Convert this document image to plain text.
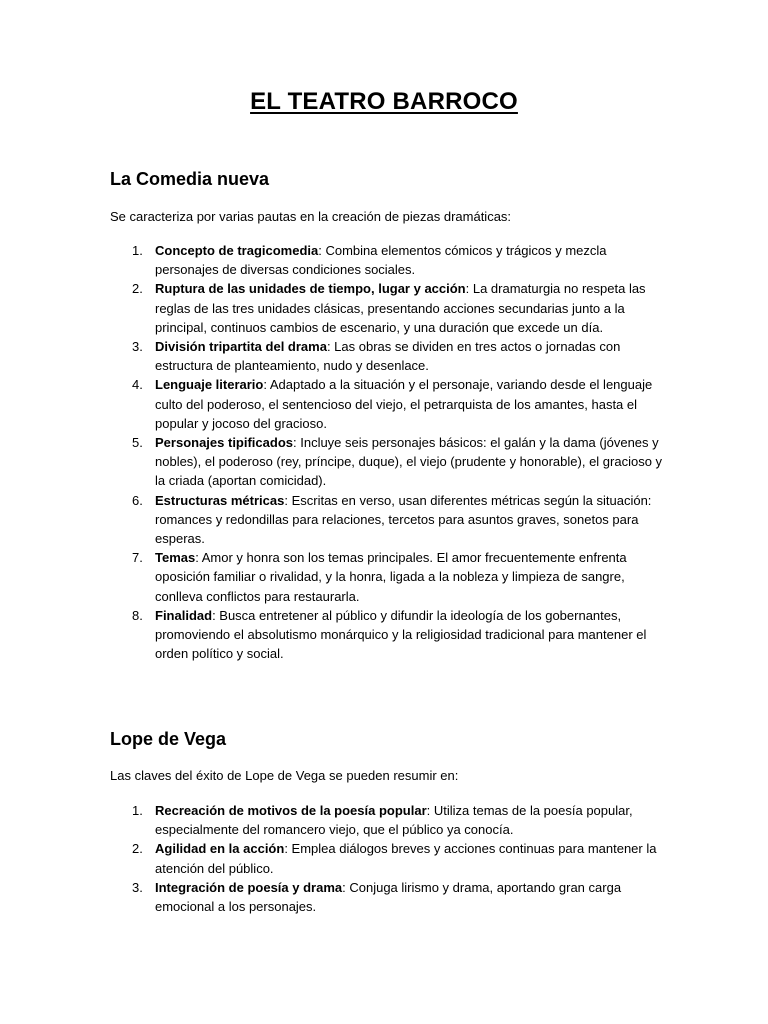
EL TEATRO BARROCO
La Comedia nueva
Se caracteriza por varias pautas en la creación de piezas dramáticas:
1. Concepto de tragicomedia: Combina elementos cómicos y trágicos y mezcla personajes de diversas condiciones sociales.
2. Ruptura de las unidades de tiempo, lugar y acción: La dramaturgia no respeta las reglas de las tres unidades clásicas, presentando acciones secundarias junto a la principal, continuos cambios de escenario, y una duración que excede un día.
3. División tripartita del drama: Las obras se dividen en tres actos o jornadas con estructura de planteamiento, nudo y desenlace.
4. Lenguaje literario: Adaptado a la situación y el personaje, variando desde el lenguaje culto del poderoso, el sentencioso del viejo, el petrarquista de los amantes, hasta el popular y jocoso del gracioso.
5. Personajes tipificados: Incluye seis personajes básicos: el galán y la dama (jóvenes y nobles), el poderoso (rey, príncipe, duque), el viejo (prudente y honorable), el gracioso y la criada (aportan comicidad).
6. Estructuras métricas: Escritas en verso, usan diferentes métricas según la situación: romances y redondillas para relaciones, tercetos para asuntos graves, sonetos para esperas.
7. Temas: Amor y honra son los temas principales. El amor frecuentemente enfrenta oposición familiar o rivalidad, y la honra, ligada a la nobleza y limpieza de sangre, conlleva conflictos para restaurarla.
8. Finalidad: Busca entretener al público y difundir la ideología de los gobernantes, promoviendo el absolutismo monárquico y la religiosidad tradicional para mantener el orden político y social.
Lope de Vega
Las claves del éxito de Lope de Vega se pueden resumir en:
1. Recreación de motivos de la poesía popular: Utiliza temas de la poesía popular, especialmente del romancero viejo, que el público ya conocía.
2. Agilidad en la acción: Emplea diálogos breves y acciones continuas para mantener la atención del público.
3. Integración de poesía y drama: Conjuga lirismo y drama, aportando gran carga emocional a los personajes.
